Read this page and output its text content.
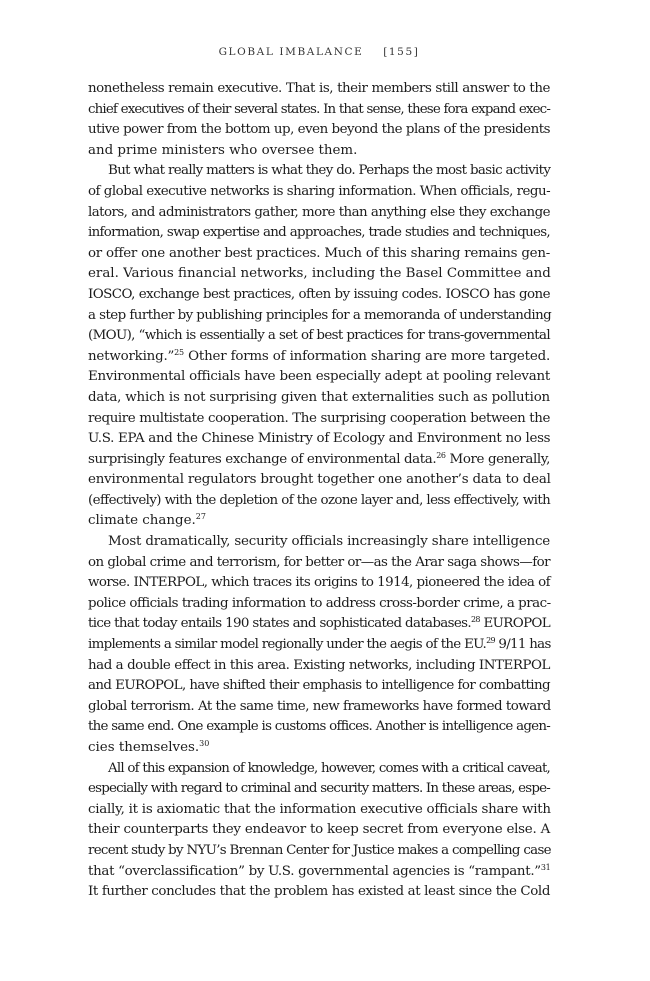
GLOBAL IMBALANCE [155]
nonetheless remain executive. That is, their members still answer to the
chief executives of their several states. In that sense, these fora expand exec-
utive power from the bottom up, even beyond the plans of the presidents
and prime ministers who oversee them.
But what really matters is what they do. Perhaps the most basic activity
of global executive networks is sharing information. When officials, regu-
lators, and administrators gather, more than anything else they exchange
information, swap expertise and approaches, trade studies and techniques,
or offer one another best practices. Much of this sharing remains gen-
eral. Various financial networks, including the Basel Committee and
IOSCO, exchange best practices, often by issuing codes. IOSCO has gone
a step further by publishing principles for a memoranda of understanding
(MOU), “which is essentially a set of best practices for trans-governmental
networking.”$^{25}$ Other forms of information sharing are more targeted.
Environmental officials have been especially adept at pooling relevant
data, which is not surprising given that externalities such as pollution
require multistate cooperation. The surprising cooperation between the
U.S. EPA and the Chinese Ministry of Ecology and Environment no less
surprisingly features exchange of environmental data.$^{26}$ More generally,
environmental regulators brought together one another’s data to deal
(effectively) with the depletion of the ozone layer and, less effectively, with
climate change.$^{27}$
Most dramatically, security officials increasingly share intelligence
on global crime and terrorism, for better or—as the Arar saga shows—for
worse. INTERPOL, which traces its origins to 1914, pioneered the idea of
police officials trading information to address cross-border crime, a prac-
tice that today entails 190 states and sophisticated databases.$^{28}$ EUROPOL
implements a similar model regionally under the aegis of the EU.$^{29}$ 9/11 has
had a double effect in this area. Existing networks, including INTERPOL
and EUROPOL, have shifted their emphasis to intelligence for combatting
global terrorism. At the same time, new frameworks have formed toward
the same end. One example is customs offices. Another is intelligence agen-
cies themselves.$^{30}$
All of this expansion of knowledge, however, comes with a critical caveat,
especially with regard to criminal and security matters. In these areas, espe-
cially, it is axiomatic that the information executive officials share with
their counterparts they endeavor to keep secret from everyone else. A
recent study by NYU’s Brennan Center for Justice makes a compelling case
that “overclassification” by U.S. governmental agencies is “rampant.”$^{31}$
It further concludes that the problem has existed at least since the Cold
